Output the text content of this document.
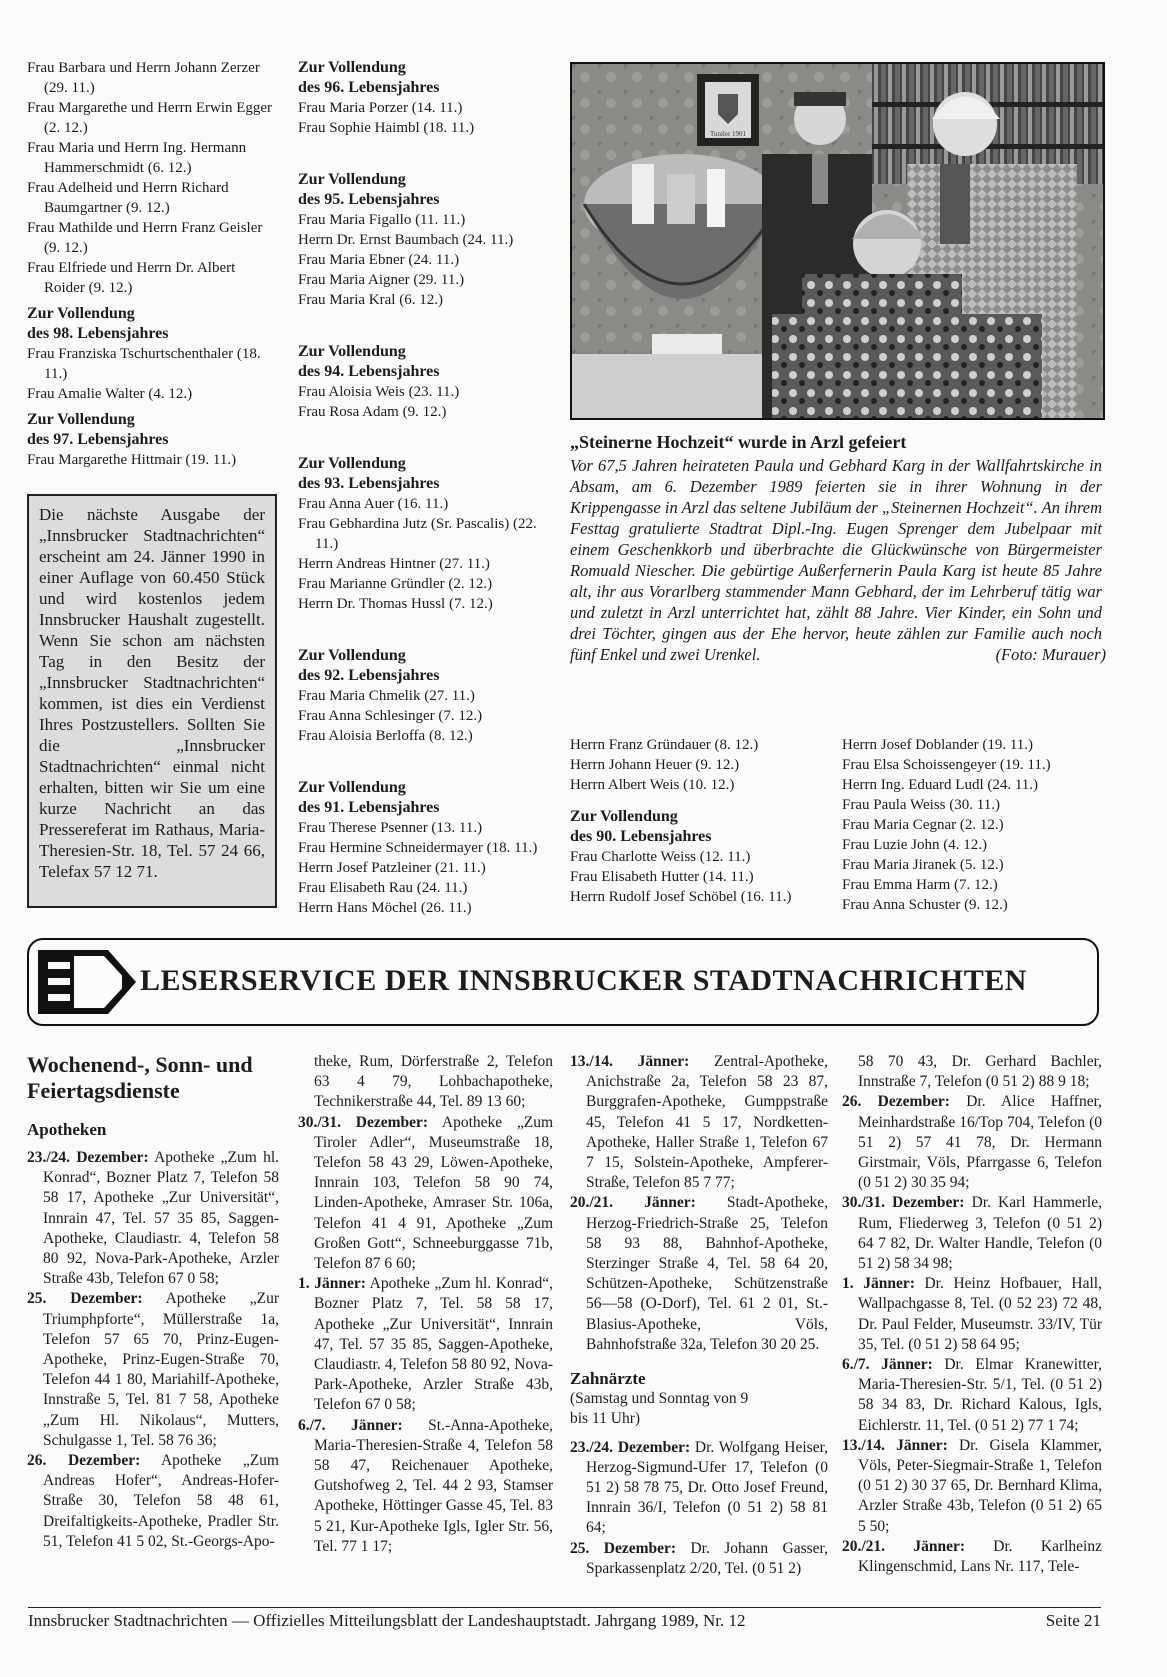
Frau Barbara und Herrn Johann Zerzer (29. 11.)
Frau Margarethe und Herrn Erwin Egger (2. 12.)
Frau Maria und Herrn Ing. Hermann Hammerschmidt (6. 12.)
Frau Adelheid und Herrn Richard Baumgartner (9. 12.)
Frau Mathilde und Herrn Franz Geisler (9. 12.)
Frau Elfriede und Herrn Dr. Albert Roider (9. 12.)
Zur Vollendung
des 98. Lebensjahres
Frau Franziska Tschurtschenthaler (18. 11.)
Frau Amalie Walter (4. 12.)
Zur Vollendung
des 97. Lebensjahres
Frau Margarethe Hittmair (19. 11.)
Die nächste Ausgabe der „Innsbrucker Stadtnachrichten“ erscheint am 24. Jänner 1990 in einer Auflage von 60.450 Stück und wird kostenlos jedem Innsbrucker Haushalt zugestellt. Wenn Sie schon am nächsten Tag in den Besitz der „Innsbrucker Stadtnachrichten“ kommen, ist dies ein Verdienst Ihres Postzustellers. Sollten Sie die „Innsbrucker Stadtnachrichten“ einmal nicht erhalten, bitten wir Sie um eine kurze Nachricht an das Pressereferat im Rathaus, Maria-Theresien-Str. 18, Tel. 57 24 66, Telefax 57 12 71.
Zur Vollendung
des 96. Lebensjahres
Frau Maria Porzer (14. 11.)
Frau Sophie Haimbl (18. 11.)
Zur Vollendung
des 95. Lebensjahres
Frau Maria Figallo (11. 11.)
Herrn Dr. Ernst Baumbach (24. 11.)
Frau Maria Ebner (24. 11.)
Frau Maria Aigner (29. 11.)
Frau Maria Kral (6. 12.)
Zur Vollendung
des 94. Lebensjahres
Frau Aloisia Weis (23. 11.)
Frau Rosa Adam (9. 12.)
Zur Vollendung
des 93. Lebensjahres
Frau Anna Auer (16. 11.)
Frau Gebhardina Jutz (Sr. Pascalis) (22. 11.)
Herrn Andreas Hintner (27. 11.)
Frau Marianne Gründler (2. 12.)
Herrn Dr. Thomas Hussl (7. 12.)
Zur Vollendung
des 92. Lebensjahres
Frau Maria Chmelik (27. 11.)
Frau Anna Schlesinger (7. 12.)
Frau Aloisia Berloffa (8. 12.)
Zur Vollendung
des 91. Lebensjahres
Frau Therese Psenner (13. 11.)
Frau Hermine Schneidermayer (18. 11.)
Herrn Josef Patzleiner (21. 11.)
Frau Elisabeth Rau (24. 11.)
Herrn Hans Möchel (26. 11.)
Tuniler 1901
„Steinerne Hochzeit“ wurde in Arzl gefeiert
Vor 67,5 Jahren heirateten Paula und Gebhard Karg in der Wallfahrtskirche in Absam, am 6. Dezember 1989 feierten sie in ihrer Wohnung in der Krippengasse in Arzl das seltene Jubiläum der „Steinernen Hochzeit“. An ihrem Festtag gratulierte Stadtrat Dipl.-Ing. Eugen Sprenger dem Jubelpaar mit einem Geschenkkorb und überbrachte die Glückwünsche von Bürgermeister Romuald Niescher. Die gebürtige Außerfernerin Paula Karg ist heute 85 Jahre alt, ihr aus Vorarlberg stammender Mann Gebhard, der im Lehrberuf tätig war und zuletzt in Arzl unterrichtet hat, zählt 88 Jahre. Vier Kinder, ein Sohn und drei Töchter, gingen aus der Ehe hervor, heute zählen zur Familie auch noch fünf Enkel und zwei Urenkel.	(Foto: Murauer)
Herrn Franz Gründauer (8. 12.)
Herrn Johann Heuer (9. 12.)
Herrn Albert Weis (10. 12.)
Zur Vollendung
des 90. Lebensjahres
Frau Charlotte Weiss (12. 11.)
Frau Elisabeth Hutter (14. 11.)
Herrn Rudolf Josef Schöbel (16. 11.)
Herrn Josef Doblander (19. 11.)
Frau Elsa Schoissengeyer (19. 11.)
Herrn Ing. Eduard Ludl (24. 11.)
Frau Paula Weiss (30. 11.)
Frau Maria Cegnar (2. 12.)
Frau Luzie John (4. 12.)
Frau Maria Jiranek (5. 12.)
Frau Emma Harm (7. 12.)
Frau Anna Schuster (9. 12.)
LESERSERVICE DER INNSBRUCKER STADTNACHRICHTEN
Wochenend-, Sonn- und Feiertagsdienste
Apotheken
23./24. Dezember: Apotheke „Zum hl. Konrad“, Bozner Platz 7, Telefon 58 58 17, Apotheke „Zur Universität“, Innrain 47, Tel. 57 35 85, Saggen-Apotheke, Claudiastr. 4, Telefon 58 80 92, Nova-Park-Apotheke, Arzler Straße 43b, Telefon 67 0 58;
25. Dezember: Apotheke „Zur Triumphpforte“, Müllerstraße 1a, Telefon 57 65 70, Prinz-Eugen-Apotheke, Prinz-Eugen-Straße 70, Telefon 44 1 80, Mariahilf-Apotheke, Innstraße 5, Tel. 81 7 58, Apotheke „Zum Hl. Nikolaus“, Mutters, Schulgasse 1, Tel. 58 76 36;
26. Dezember: Apotheke „Zum Andreas Hofer“, Andreas-Hofer-Straße 30, Telefon 58 48 61, Dreifaltigkeits-Apotheke, Pradler Str. 51, Telefon 41 5 02, St.-Georgs-Apo-
theke, Rum, Dörferstraße 2, Telefon 63 4 79, Lohbachapotheke, Technikerstraße 44, Tel. 89 13 60;
30./31. Dezember: Apotheke „Zum Tiroler Adler“, Museumstraße 18, Telefon 58 43 29, Löwen-Apotheke, Innrain 103, Telefon 58 90 74, Linden-Apotheke, Amraser Str. 106a, Telefon 41 4 91, Apotheke „Zum Großen Gott“, Schneeburggasse 71b, Telefon 87 6 60;
1. Jänner: Apotheke „Zum hl. Konrad“, Bozner Platz 7, Tel. 58 58 17, Apotheke „Zur Universität“, Innrain 47, Tel. 57 35 85, Saggen-Apotheke, Claudiastr. 4, Telefon 58 80 92, Nova-Park-Apotheke, Arzler Straße 43b, Telefon 67 0 58;
6./7. Jänner: St.-Anna-Apotheke, Maria-Theresien-Straße 4, Telefon 58 58 47, Reichenauer Apotheke, Gutshofweg 2, Tel. 44 2 93, Stamser Apotheke, Höttinger Gasse 45, Tel. 83 5 21, Kur-Apotheke Igls, Igler Str. 56, Tel. 77 1 17;
13./14. Jänner: Zentral-Apotheke, Anichstraße 2a, Telefon 58 23 87, Burggrafen-Apotheke, Gumppstraße 45, Telefon 41 5 17, Nordketten-Apotheke, Haller Straße 1, Telefon 67 7 15, Solstein-Apotheke, Ampferer-Straße, Telefon 85 7 77;
20./21. Jänner: Stadt-Apotheke, Herzog-Friedrich-Straße 25, Telefon 58 93 88, Bahnhof-Apotheke, Sterzinger Straße 4, Tel. 58 64 20, Schützen-Apotheke, Schützenstraße 56—58 (O-Dorf), Tel. 61 2 01, St.-Blasius-Apotheke, Völs, Bahnhofstraße 32a, Telefon 30 20 25.
Zahnärzte
(Samstag und Sonntag von 9 bis 11 Uhr)
23./24. Dezember: Dr. Wolfgang Heiser, Herzog-Sigmund-Ufer 17, Telefon (0 51 2) 58 78 75, Dr. Otto Josef Freund, Innrain 36/I, Telefon (0 51 2) 58 81 64;
25. Dezember: Dr. Johann Gasser, Sparkassenplatz 2/20, Tel. (0 51 2)
58 70 43, Dr. Gerhard Bachler, Innstraße 7, Telefon (0 51 2) 88 9 18;
26. Dezember: Dr. Alice Haffner, Meinhardstraße 16/Top 704, Telefon (0 51 2) 57 41 78, Dr. Hermann Girstmair, Völs, Pfarrgasse 6, Telefon (0 51 2) 30 35 94;
30./31. Dezember: Dr. Karl Hammerle, Rum, Fliederweg 3, Telefon (0 51 2) 64 7 82, Dr. Walter Handle, Telefon (0 51 2) 58 34 98;
1. Jänner: Dr. Heinz Hofbauer, Hall, Wallpachgasse 8, Tel. (0 52 23) 72 48, Dr. Paul Felder, Museumstr. 33/IV, Tür 35, Tel. (0 51 2) 58 64 95;
6./7. Jänner: Dr. Elmar Kranewitter, Maria-Theresien-Str. 5/1, Tel. (0 51 2) 58 34 83, Dr. Richard Kalous, Igls, Eichlerstr. 11, Tel. (0 51 2) 77 1 74;
13./14. Jänner: Dr. Gisela Klammer, Völs, Peter-Siegmair-Straße 1, Telefon (0 51 2) 30 37 65, Dr. Bernhard Klima, Arzler Straße 43b, Telefon (0 51 2) 65 5 50;
20./21. Jänner: Dr. Karlheinz Klingenschmid, Lans Nr. 117, Tele-
Innsbrucker Stadtnachrichten — Offizielles Mitteilungsblatt der Landeshauptstadt. Jahrgang 1989, Nr. 12	Seite 21
